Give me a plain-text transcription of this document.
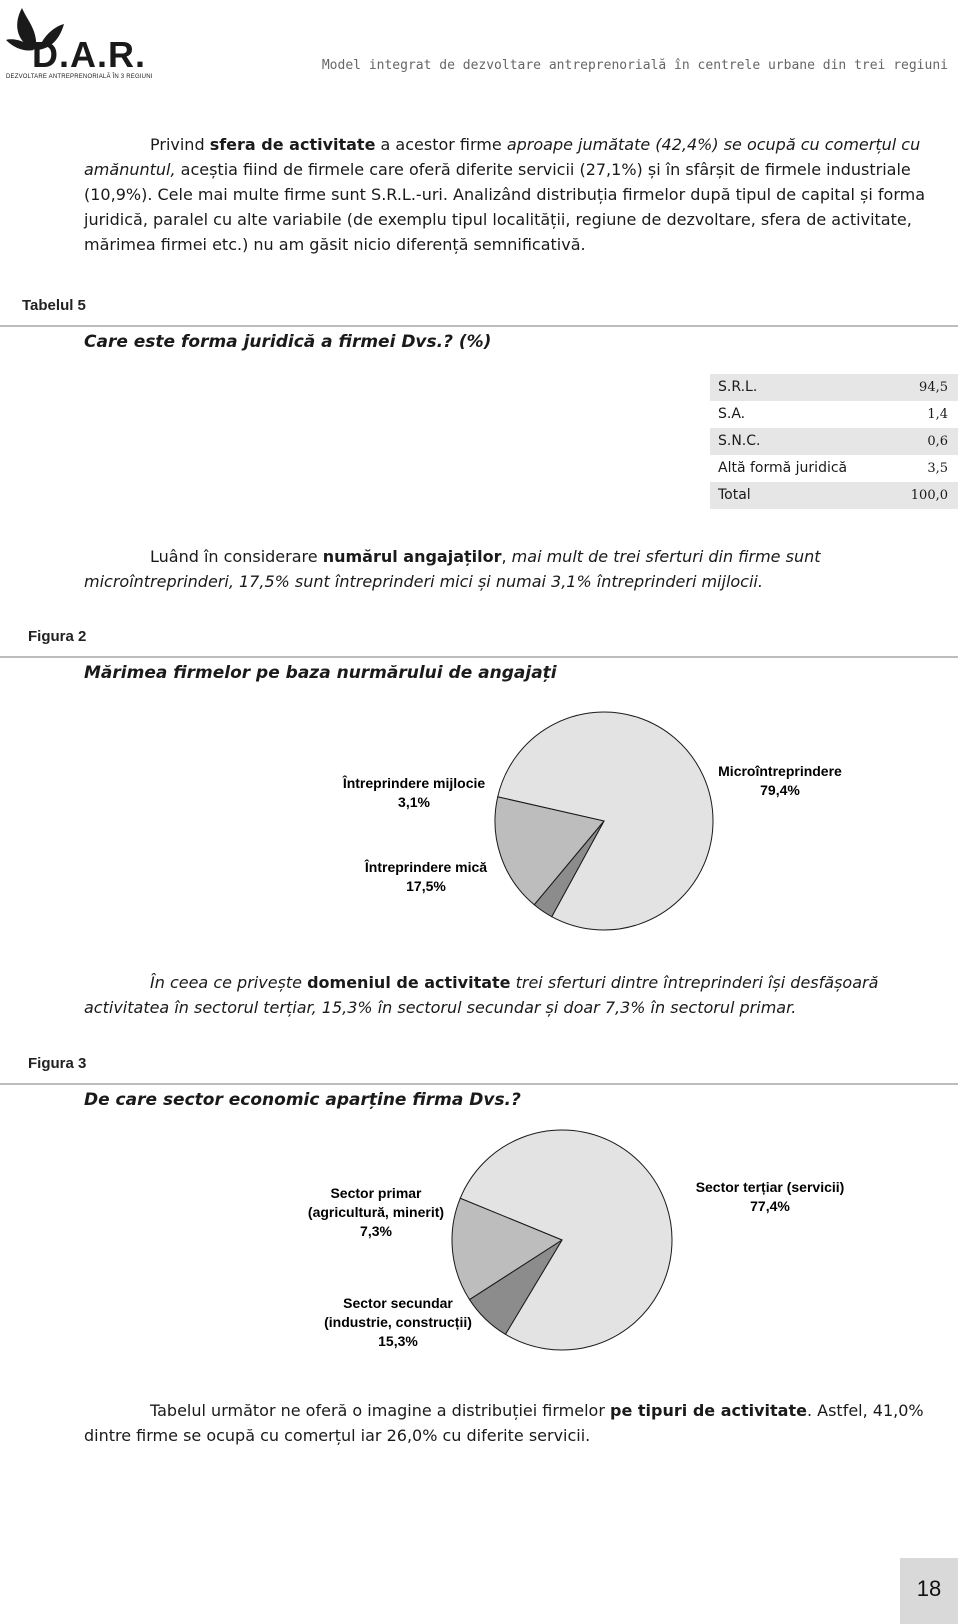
D.A.R.
DEZVOLTARE ANTREPRENORIALĂ ÎN 3 REGIUNI
Model integrat de dezvoltare antreprenorială în centrele urbane din trei regiuni
Privind sfera de activitate a acestor firme aproape jumătate (42,4%) se ocupă cu comerțul cu amănuntul, aceștia fiind de firmele care oferă diferite servicii (27,1%) și în sfârșit de firmele industriale (10,9%). Cele mai multe firme sunt S.R.L.-uri. Analizând distribuția firmelor după tipul de capital și forma juridică, paralel cu alte variabile (de exemplu tipul localității, regiune de dezvoltare, sfera de activitate, mărimea firmei etc.) nu am găsit nicio diferență semnificativă.
Tabelul 5
Care este forma juridică a firmei Dvs.? (%)
S.R.L.	94,5
S.A.	1,4
S.N.C.	0,6
Altă formă juridică	3,5
Total	100,0
Luând în considerare numărul angajaților, mai mult de trei sferturi din firme sunt microîntreprinderi, 17,5% sunt întreprinderi mici și numai 3,1% întreprinderi mijlocii.
Figura 2
Mărimea firmelor pe baza nurmărului de angajați
Microîntreprindere 79,4%
Întreprindere mijlocie 3,1%
Întreprindere mică 17,5%
În ceea ce privește domeniul de activitate trei sferturi dintre întreprinderi își desfășoară activitatea în sectorul terțiar, 15,3% în sectorul secundar și doar 7,3% în sectorul primar.
Figura 3
De care sector economic aparține firma Dvs.?
Sector terțiar (servicii) 77,4%
Sector primar (agricultură, minerit) 7,3%
Sector secundar (industrie, construcții) 15,3%
Tabelul următor ne oferă o imagine a distribuției firmelor pe tipuri de activitate. Astfel, 41,0% dintre firme se ocupă cu comerțul iar 26,0% cu diferite servicii.
18
